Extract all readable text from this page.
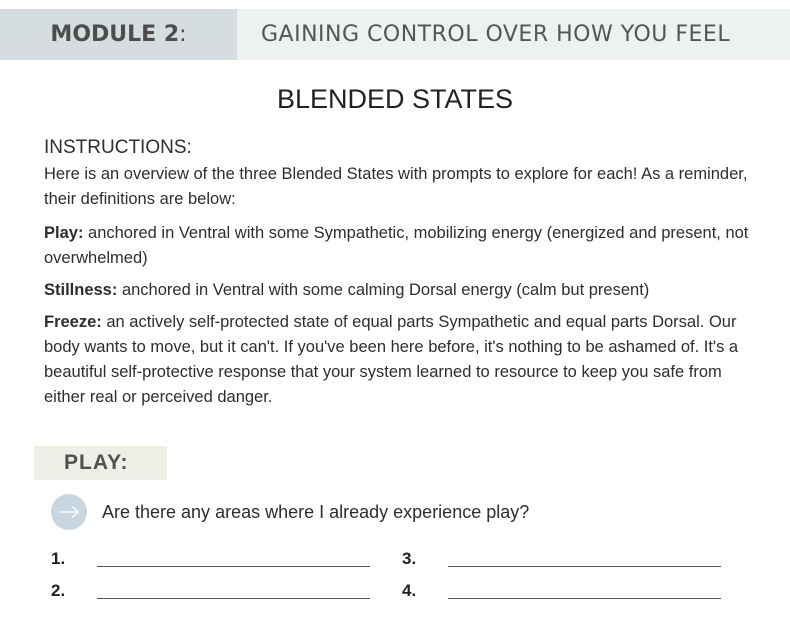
MODULE 2 :	GAINING CONTROL OVER HOW YOU FEEL
BLENDED STATES

INSTRUCTIONS:

Here is an overview of the three Blended States with prompts to explore for each! As a reminder, their definitions are below:

Play: anchored in Ventral with some Sympathetic, mobilizing energy (energized and present, not overwhelmed)

Stillness: anchored in Ventral with some calming Dorsal energy (calm but present)

Freeze: an actively self-protected state of equal parts Sympathetic and equal parts Dorsal. Our body wants to move, but it can't. If you've been here before, it's nothing to be ashamed of. It's a beautiful self-protective response that your system learned to resource to keep you safe from either real or perceived danger.

PLAY:
Are there any areas where I already experience play?
1.
2.
3.
4.
